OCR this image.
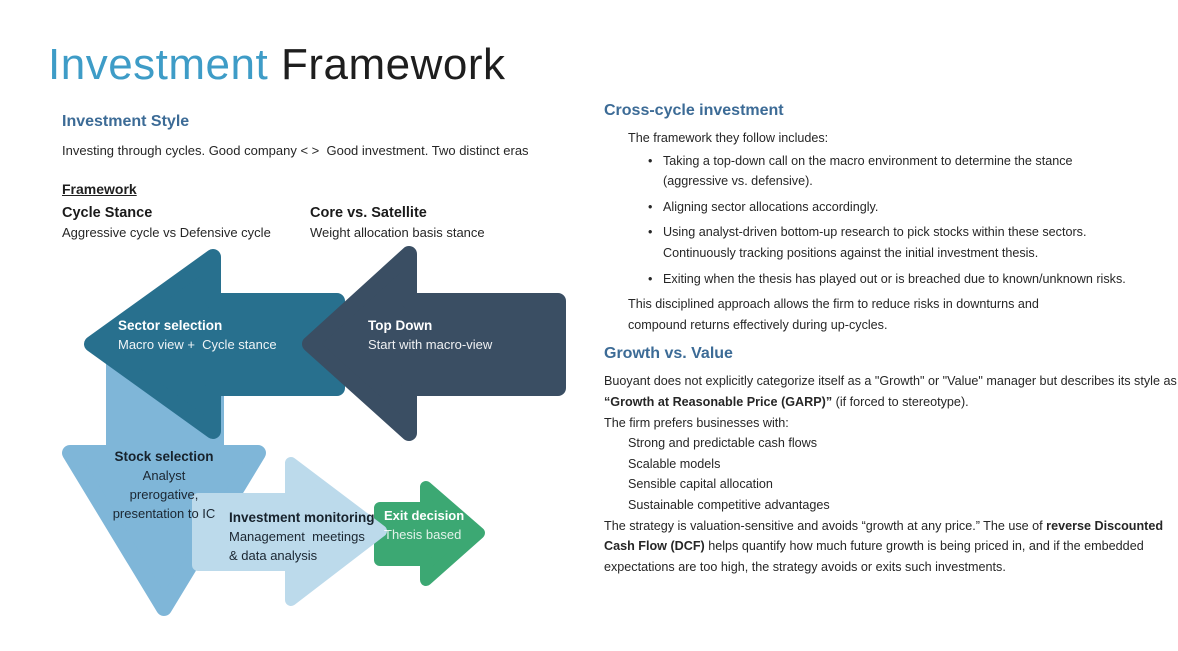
Investment Framework

Investment Style

Investing through cycles. Good company < >  Good investment. Two distinct eras

Framework

Cycle Stance

Aggressive cycle vs Defensive cycle

Core vs. Satellite

Weight allocation basis stance

Sector selection
Macro view +  Cycle stance
Top Down
Start with macro-view
Stock selection
Analyst
prerogative,
presentation to IC	Investment monitoring
Management  meetings
& data analysis
Exit decision
Thesis based

Cross-cycle investment

The framework they follow includes:

• Taking a top-down call on the macro environment to determine the stance
(aggressive vs. defensive).
• Aligning sector allocations accordingly.
• Using analyst-driven bottom-up research to pick stocks within these sectors.
Continuously tracking positions against the initial investment thesis.
• Exiting when the thesis has played out or is breached due to known/unknown risks.
This disciplined approach allows the firm to reduce risks in downturns and
compound returns effectively during up-cycles.

Growth vs. Value

Buoyant does not explicitly categorize itself as a "Growth" or "Value" manager but describes its style as “Growth at Reasonable Price (GARP)” (if forced to stereotype).

The firm prefers businesses with:

Strong and predictable cash flows
Scalable models
Sensible capital allocation
Sustainable competitive advantages

The strategy is valuation-sensitive and avoids “growth at any price.” The use of reverse Discounted Cash Flow (DCF) helps quantify how much future growth is being priced in, and if the embedded expectations are too high, the strategy avoids or exits such investments.
